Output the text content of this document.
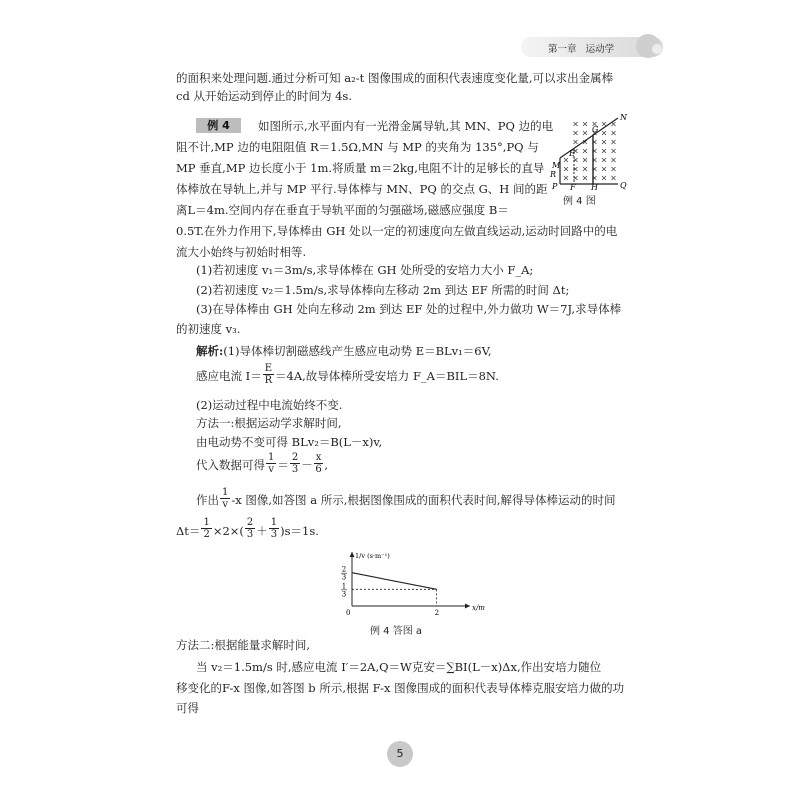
第一章 运动学
的面积来处理问题.通过分析可知 a₂-t 图像围成的面积代表速度变化量,可以求出金属棒
cd 从开始运动到停止的时间为 4s.
例 4	如图所示,水平面内有一光滑金属导轨,其 MN、PQ 边的电
阻不计,MP 边的电阻阻值 R＝1.5Ω,MN 与 MP 的夹角为 135°,PQ 与
MP 垂直,MP 边长度小于 1m.将质量 m＝2kg,电阻不计的足够长的直导
体棒放在导轨上,并与 MP 平行.导体棒与 MN、PQ 的交点 G、H 间的距
离L＝4m.空间内存在垂直于导轨平面的匀强磁场,磁感应强度 B＝
0.5T.在外力作用下,导体棒由 GH 处以一定的初速度向左做直线运动,运动时回路中的电
流大小始终与初始时相等.
N
G
M
E
R
P F H	Q
例 4 图
(1)若初速度 v₁＝3m/s,求导体棒在 GH 处所受的安培力大小 F_A;
(2)若初速度 v₂＝1.5m/s,求导体棒向左移动 2m 到达 EF 所需的时间 Δt;
(3)在导体棒由 GH 处向左移动 2m 到达 EF 处的过程中,外力做功 W＝7J,求导体棒
的初速度 v₃.
解析:(1)导体棒切割磁感线产生感应电动势 E＝BLv₁＝6V,
感应电流 $I= \frac{E}{R} =4A$,故导体棒所受安培力 F_A＝BIL＝8N.
(2)运动过程中电流始终不变.
方法一:根据运动学求解时间,
由电动势不变可得 BLv₂＝B(L－x)v,
代入数据可得 $\frac{1}{v} = \frac{2}{3} - \frac{x}{6}$ ,
作出 $\frac{1}{v} -x$ 图像,如答图 a 所示,根据图像围成的面积代表时间,解得导体棒运动的时间
$\Delta t= \frac{1}{2} \times 2\times( \frac{2}{3} + \frac{1}{3} )s=1s$.
2
3
1
3
0	2
x/m
1/v (s·m⁻¹)
例 4 答图 a
方法二:根据能量求解时间,
当 v₂＝1.5m/s 时,感应电流 I′＝2A,Q＝W克安＝∑BI(L－x)Δx,作出安培力随位
移变化的F-x 图像,如答图 b 所示,根据 F-x 图像围成的面积代表导体棒克服安培力做的功
可得
5
